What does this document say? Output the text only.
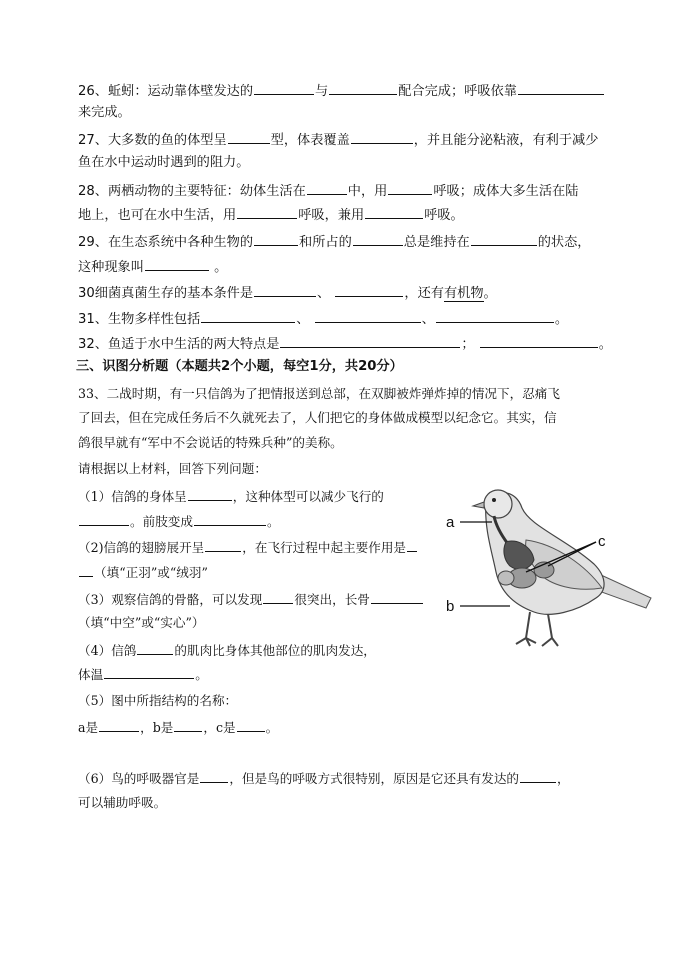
26、蚯蚓：运动靠体壁发达的	与	配合完成；呼吸依靠
来完成。
27、大多数的鱼的体型呈	型，体表覆盖	，并且能分泌粘液，有利于减少
鱼在水中运动时遇到的阻力。
28、两栖动物的主要特征：幼体生活在	中，用	呼吸；成体大多生活在陆
地上，也可在水中生活，用	呼吸，兼用	呼吸。
29、在生态系统中各种生物的	和所占的	总是维持在	的状态，
这种现象叫	。
30细菌真菌生存的基本条件是	、	，还有有机物。
31、生物多样性包括	、	、	。
32、鱼适于水中生活的两大特点是	；	。
三、识图分析题（本题共2个小题，每空1分，共20分）
33、二战时期，有一只信鸽为了把情报送到总部，在双脚被炸弹炸掉的情况下，忍痛飞
了回去，但在完成任务后不久就死去了，人们把它的身体做成模型以纪念它。其实，信
鸽很早就有“军中不会说话的特殊兵种”的美称。
请根据以上材料，回答下列问题：
（1）信鸽的身体呈	，这种体型可以减少飞行的
。前肢变成	。
（2)信鸽的翅膀展开呈	，在飞行过程中起主要作用是
（填“正羽”或“绒羽”
（3）观察信鸽的骨骼，可以发现	很突出，长骨
（填“中空”或“实心”）
（4）信鸽	的肌肉比身体其他部位的肌肉发达，
体温	。
（5）图中所指结构的名称：
a是	，b是 ，c是 。
（6）鸟的呼吸器官是 ，但是鸟的呼吸方式很特别，原因是它还具有发达的	，
可以辅助呼吸。
a
b
c
